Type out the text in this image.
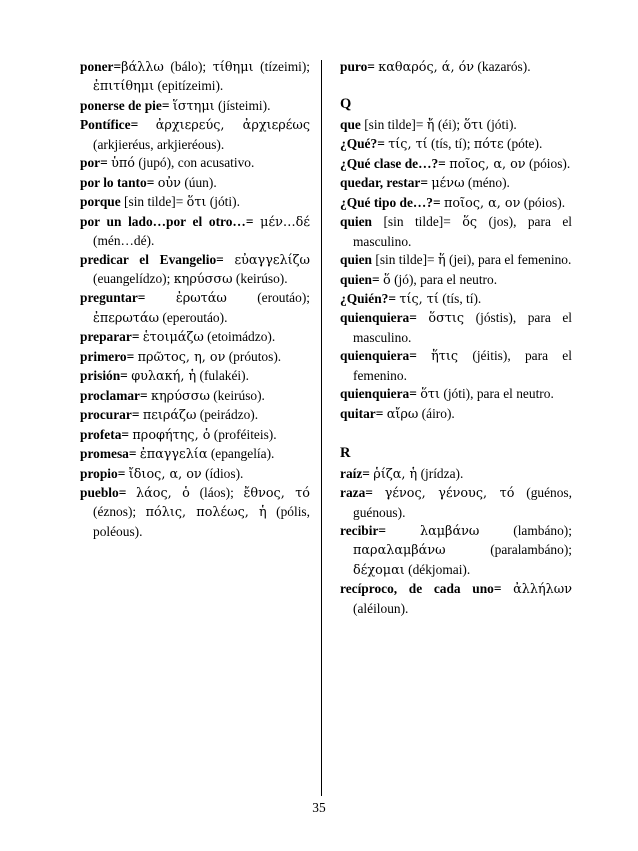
poner=βάλλω (bálo); τίθημι (tízeimi); ἐπιτίθημι (epitízeimi).

ponerse de pie= ἵστημι (jísteimi).

Pontífice= ἀρχιερεύς, ἀρχιερέως (arkjieréus, arkjieréous).

por= ὑπό (jupó), con acusativo.

por lo tanto= οὐν (úun).

porque [sin tilde]= ὅτι (jóti).

por un lado…por el otro…= μέν…δέ (mén…dé).

predicar el Evangelio= εὐαγγελίζω (euangelídzo); κηρύσσω (keirúso).

preguntar= ἐρωτάω (eroutáo); ἐπερωτάω (eperoutáo).

preparar= ἑτοιμάζω (etoimádzo).

primero= πρῶτος, η, ον (próutos).

prisión= φυλακή, ἡ (fulakéi).

proclamar= κηρύσσω (keirúso).

procurar= πειράζω (peirádzo).

profeta= προφήτης, ὁ (proféiteis).

promesa= ἐπαγγελία (epangelía).

propio= ἴδιος, α, ον (ídios).

pueblo= λάος, ὁ (láos); ἔθνος, τό (éznos); πόλις, πολέως, ἡ (pólis, poléous).

puro= καθαρός, ά, όν (kazarós).

Q

que [sin tilde]= ἤ (éi); ὅτι (jóti).

¿Qué?= τίς, τί (tís, tí); πότε (póte).

¿Qué clase de…?= ποῖος, α, ον (póios).

quedar, restar= μένω (méno).

¿Qué tipo de…?= ποῖος, α, ον (póios).

quien [sin tilde]= ὅς (jos), para el masculino.

quien [sin tilde]= ἥ (jei), para el femenino.

quien= ὅ (jó), para el neutro.

¿Quién?= τίς, τί (tís, tí).

quienquiera= ὅστις (jóstis), para el masculino.

quienquiera= ἥτις (jéitis), para el femenino.

quienquiera= ὅτι (jóti), para el neutro.

quitar= αἴρω (áiro).

R

raíz= ῥίζα, ἡ (jrídza).

raza= γένος, γένους, τό (guénos, guénous).

recibir=	λαμβάνω (lambáno); παραλαμβάνω (paralambáno); δέχομαι (dékjomai).

recíproco, de cada uno= ἀλλήλων (aléiloun).

35
